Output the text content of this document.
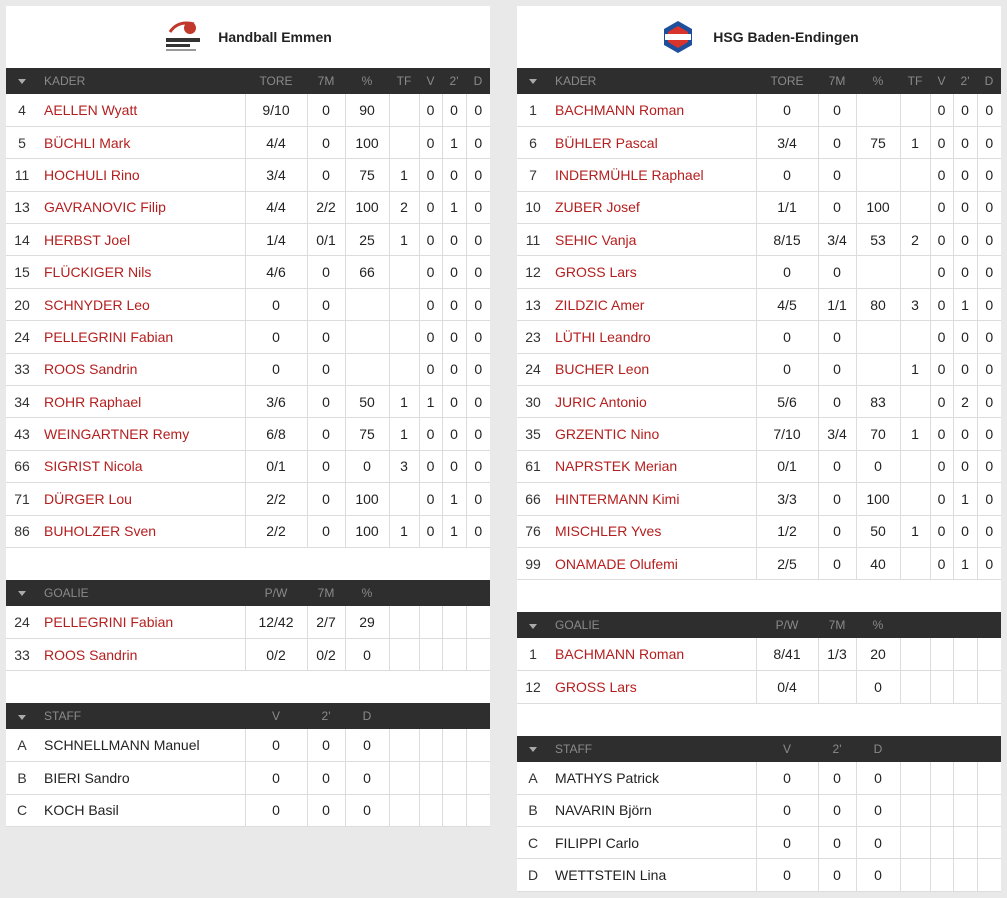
Handball Emmen
	KADER	TORE	7M	%	TF	V	2'	D
4	AELLEN Wyatt	9/10	0	90		0	0	0
5	BÜCHLI Mark	4/4	0	100		0	1	0
11	HOCHULI Rino	3/4	0	75	1	0	0	0
13	GAVRANOVIC Filip	4/4	2/2	100	2	0	1	0
14	HERBST Joel	1/4	0/1	25	1	0	0	0
15	FLÜCKIGER Nils	4/6	0	66		0	0	0
20	SCHNYDER Leo	0	0			0	0	0
24	PELLEGRINI Fabian	0	0			0	0	0
33	ROOS Sandrin	0	0			0	0	0
34	ROHR Raphael	3/6	0	50	1	1	0	0
43	WEINGARTNER Remy	6/8	0	75	1	0	0	0
66	SIGRIST Nicola	0/1	0	0	3	0	0	0
71	DÜRGER Lou	2/2	0	100		0	1	0
86	BUHOLZER Sven	2/2	0	100	1	0	1	0
	GOALIE	P/W	7M	%				
24	PELLEGRINI Fabian	12/42	2/7	29				
33	ROOS Sandrin	0/2	0/2	0				
	STAFF	V	2'	D				
A	SCHNELLMANN Manuel	0	0	0				
B	BIERI Sandro	0	0	0				
C	KOCH Basil	0	0	0				
HSG Baden-Endingen
	KADER	TORE	7M	%	TF	V	2'	D
1	BACHMANN Roman	0	0			0	0	0
6	BÜHLER Pascal	3/4	0	75	1	0	0	0
7	INDERMÜHLE Raphael	0	0			0	0	0
10	ZUBER Josef	1/1	0	100		0	0	0
11	SEHIC Vanja	8/15	3/4	53	2	0	0	0
12	GROSS Lars	0	0			0	0	0
13	ZILDZIC Amer	4/5	1/1	80	3	0	1	0
23	LÜTHI Leandro	0	0			0	0	0
24	BUCHER Leon	0	0		1	0	0	0
30	JURIC Antonio	5/6	0	83		0	2	0
35	GRZENTIC Nino	7/10	3/4	70	1	0	0	0
61	NAPRSTEK Merian	0/1	0	0		0	0	0
66	HINTERMANN Kimi	3/3	0	100		0	1	0
76	MISCHLER Yves	1/2	0	50	1	0	0	0
99	ONAMADE Olufemi	2/5	0	40		0	1	0
	GOALIE	P/W	7M	%				
1	BACHMANN Roman	8/41	1/3	20				
12	GROSS Lars	0/4		0				
	STAFF	V	2'	D				
A	MATHYS Patrick	0	0	0				
B	NAVARIN Björn	0	0	0				
C	FILIPPI Carlo	0	0	0				
D	WETTSTEIN Lina	0	0	0				
